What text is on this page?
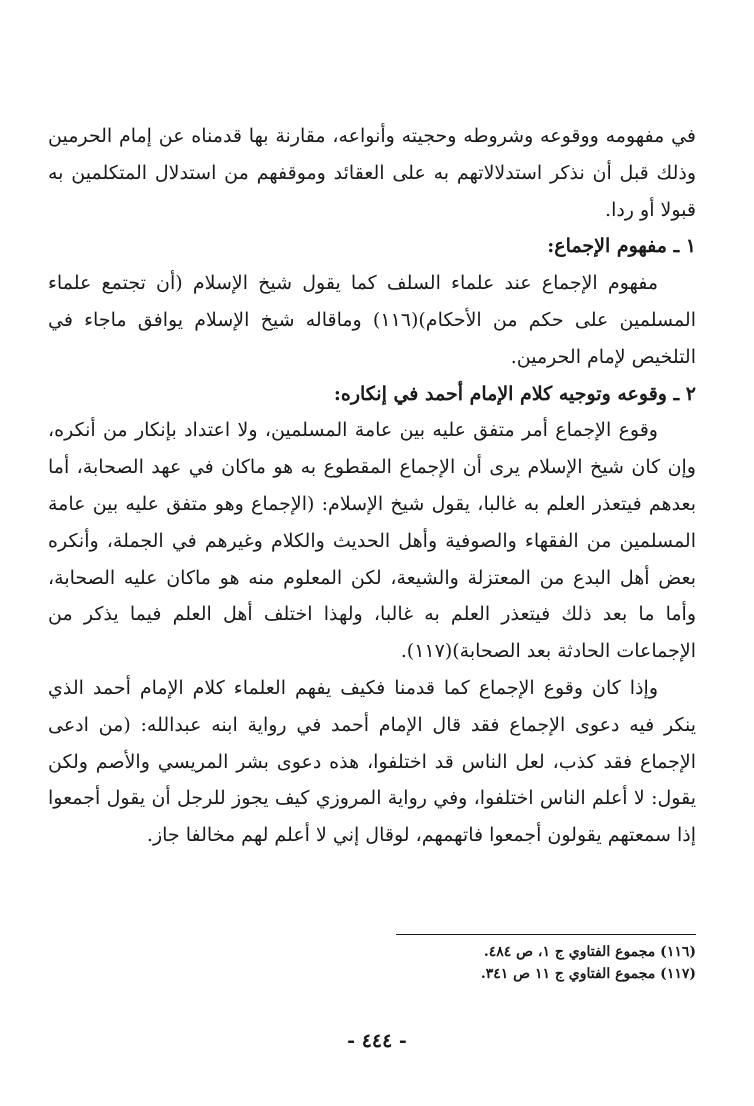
في مفهومه ووقوعه وشروطه وحجيته وأنواعه، مقارنة بها قدمناه عن إمام الحرمين وذلك قبل أن نذكر استدلالاتهم به على العقائد وموقفهم من استدلال المتكلمين به قبولا أو ردا.

١ ـ مفهوم الإجماع:

مفهوم الإجماع عند علماء السلف كما يقول شيخ الإسلام (أن تجتمع علماء المسلمين على حكم من الأحكام)(١١٦) وماقاله شيخ الإسلام يوافق ماجاء في التلخيص لإمام الحرمين.

٢ ـ وقوعه وتوجيه كلام الإمام أحمد في إنكاره:

وقوع الإجماع أمر متفق عليه بين عامة المسلمين، ولا اعتداد بإنكار من أنكره، وإن كان شيخ الإسلام يرى أن الإجماع المقطوع به هو ماكان في عهد الصحابة، أما بعدهم فيتعذر العلم به غالبا، يقول شيخ الإسلام: (الإجماع وهو متفق عليه بين عامة المسلمين من الفقهاء والصوفية وأهل الحديث والكلام وغيرهم في الجملة، وأنكره بعض أهل البدع من المعتزلة والشيعة، لكن المعلوم منه هو ماكان عليه الصحابة، وأما ما بعد ذلك فيتعذر العلم به غالبا، ولهذا اختلف أهل العلم فيما يذكر من الإجماعات الحادثة بعد الصحابة)(١١٧).

وإذا كان وقوع الإجماع كما قدمنا فكيف يفهم العلماء كلام الإمام أحمد الذي ينكر فيه دعوى الإجماع فقد قال الإمام أحمد في رواية ابنه عبدالله: (من ادعى الإجماع فقد كذب، لعل الناس قد اختلفوا، هذه دعوى بشر المريسي والأصم ولكن يقول: لا أعلم الناس اختلفوا، وفي رواية المروزي كيف يجوز للرجل أن يقول أجمعوا إذا سمعتهم يقولون أجمعوا فاتهمهم، لوقال إني لا أعلم لهم مخالفا جاز.

(١١٦) مجموع الفتاوي ج ١، ص ٤٨٤.

(١١٧) مجموع الفتاوي ج ١١ ص ٣٤١.

- ٤٤٤ -
